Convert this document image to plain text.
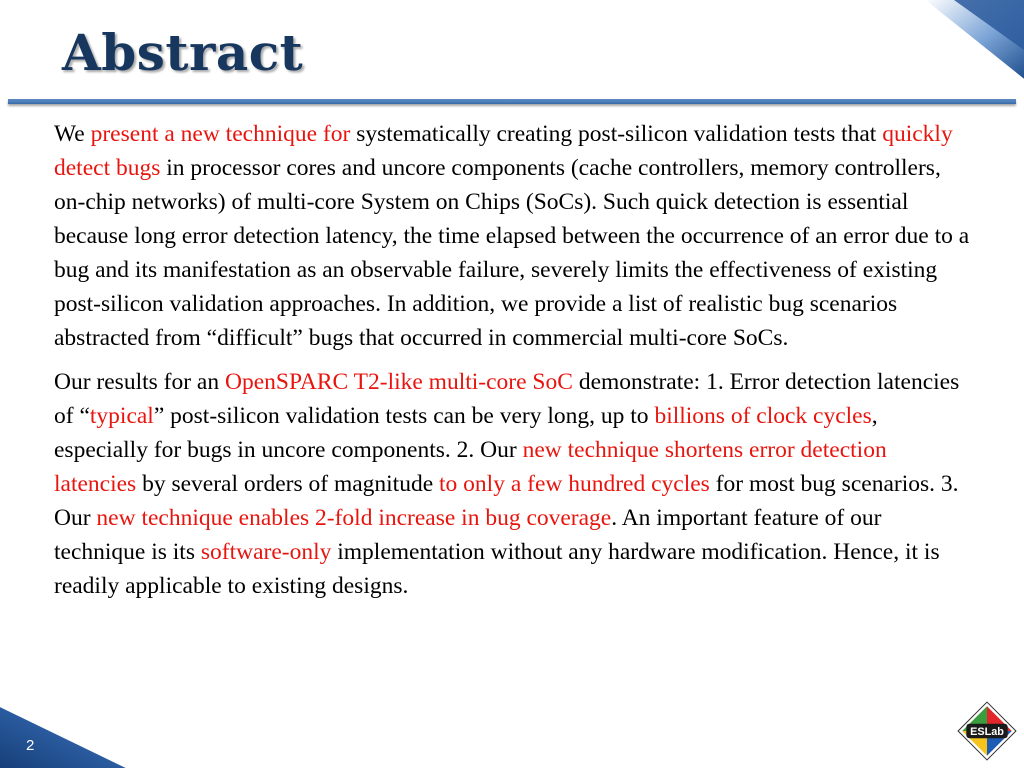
Abstract

We present a new technique for systematically creating post-silicon validation tests that quickly detect bugs in processor cores and uncore components (cache controllers, memory controllers, on-chip networks) of multi-core System on Chips (SoCs). Such quick detection is essential because long error detection latency, the time elapsed between the occurrence of an error due to a bug and its manifestation as an observable failure, severely limits the effectiveness of existing post-silicon validation approaches. In addition, we provide a list of realistic bug scenarios abstracted from “difficult” bugs that occurred in commercial multi-core SoCs.

Our results for an OpenSPARC T2-like multi-core SoC demonstrate: 1. Error detection latencies of “typical” post-silicon validation tests can be very long, up to billions of clock cycles, especially for bugs in uncore components. 2. Our new technique shortens error detection latencies by several orders of magnitude to only a few hundred cycles for most bug scenarios. 3. Our new technique enables 2-fold increase in bug coverage. An important feature of our technique is its software-only implementation without any hardware modification. Hence, it is readily applicable to existing designs.

2
ESLab
